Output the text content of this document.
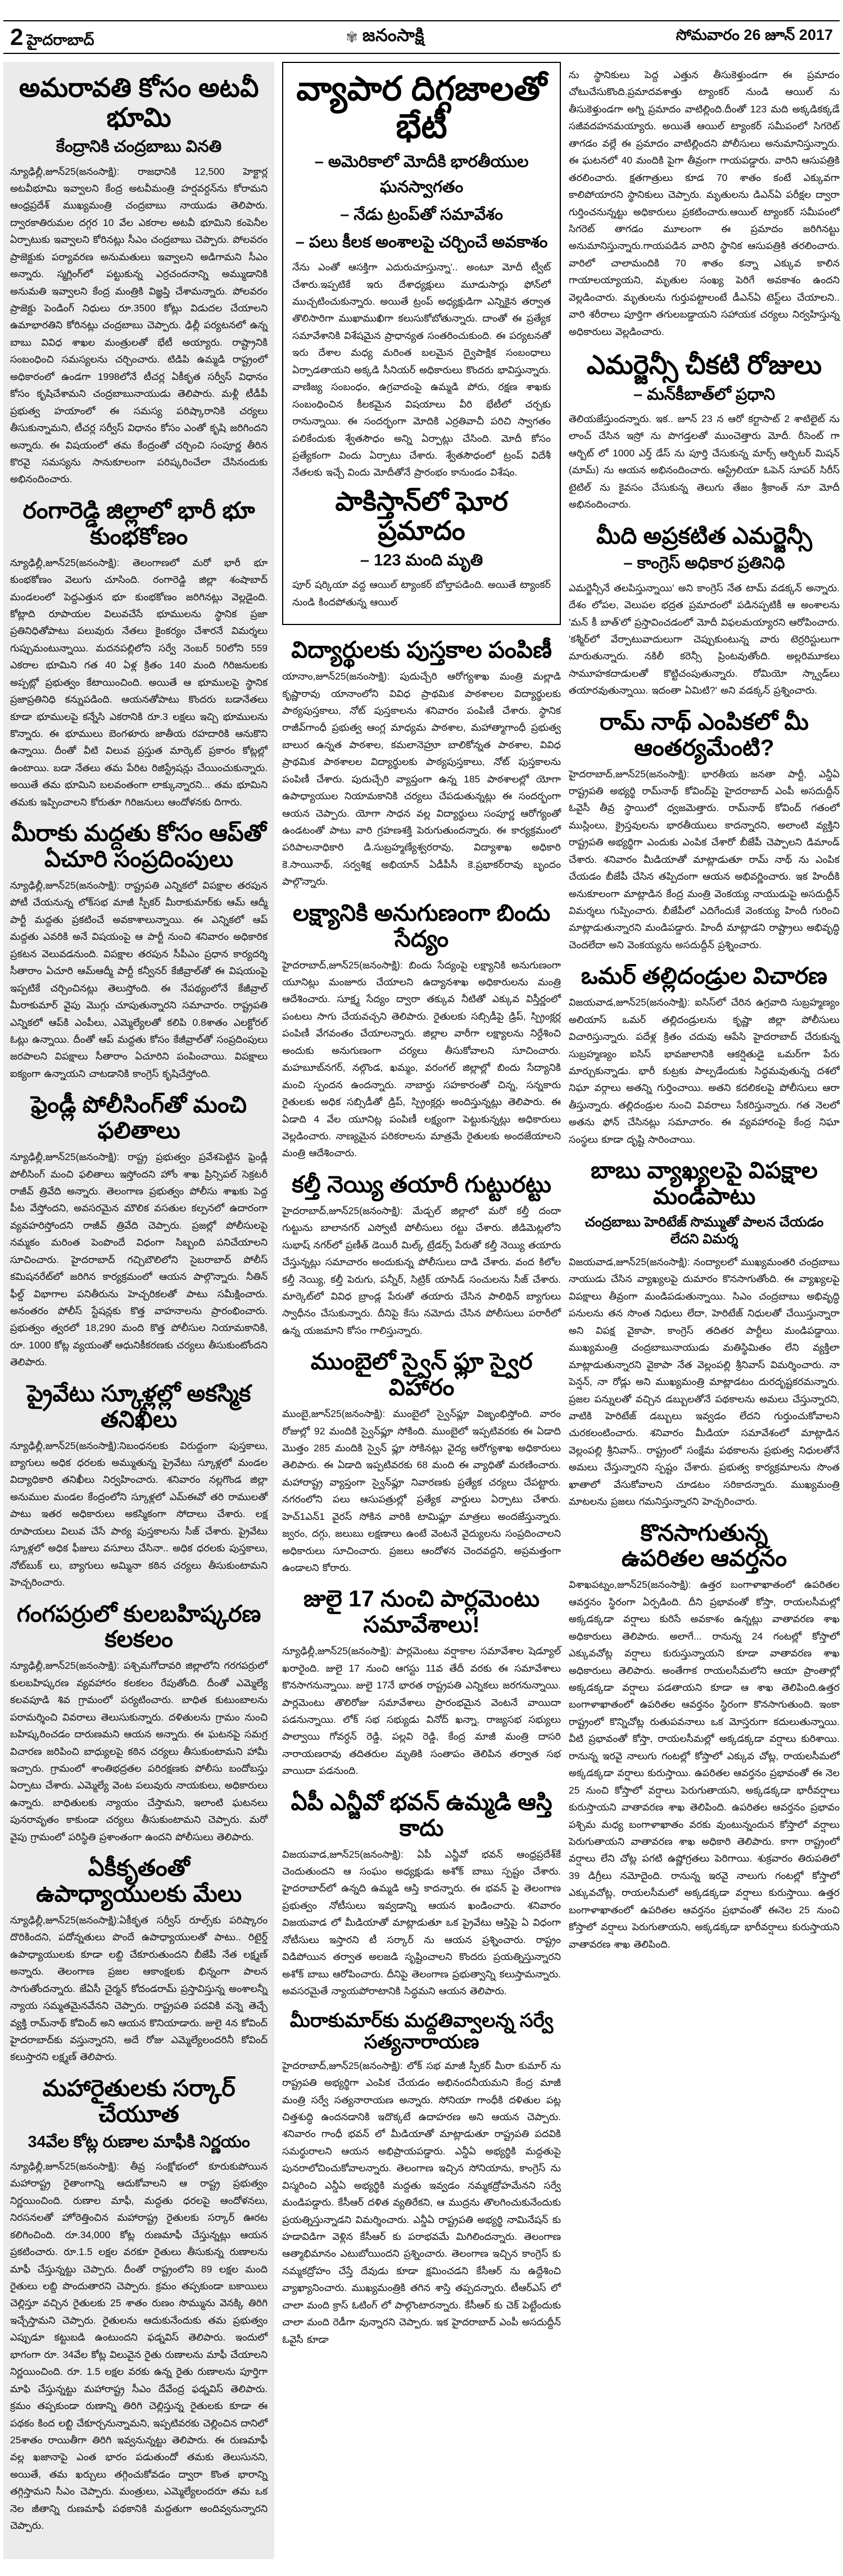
2 హైదరాబాద్	✾ జనంసాక్షి	సోమవారం 26 జూన్ 2017
అమరావతి కోసం అటవీ భూమి
కేంద్రానికి చంద్రబాబు వినతి

న్యూఢిల్లీ,జూన్25(జనంసాక్షి): రాజధానికి 12,500 హెక్టార్ల అటవీభూమి ఇవ్వాలని కేంద్ర అటవీమంత్రి హర్షవర్దన్‌ను కోరామని ఆంధ్రప్రదేశ్ ముఖ్యమంత్రి చంద్రబాబు నాయుడు తెలిపారు. ద్వారకాతిరుమల దగ్గర 10 వేల ఎకరాల అటవీ భూమిని కంపెనీల ఏర్పాటుకు ఇవ్వాలని కోరినట్లు సీఎం చంద్రబాబు చెప్పారు. పోలవరం ప్రాజెక్టుకు పర్యావరణ అనుమతులు ఇవ్వాలని అడిగామని సీఎం అన్నారు. స్మగ్లింగ్‌లో పట్టుకున్న ఎర్రచందనాన్ని అమ్ముడానికి అనుమతి ఇవ్వాలని కేంద్ర మంత్రికి విజ్ఞప్తి చేశామన్నారు. పోలవరం ప్రాజెక్టు పెండింగ్ నిధులు రూ.3500 కోట్లు విడుదల చేయాలని ఉమాభారతిని కోరినట్లు చంద్రబాబు చెప్పారు. ఢిల్లీ పర్యటనలో ఉన్న బాబు వివిధ శాఖల మంత్రులతో భేటీ అయ్యారు. రాష్ట్రానికి సంబంధించి సమస్యలను చర్చించారు. టిడిపి ఉమ్మడి రాష్ట్రంలో అధికారంలో ఉండగా 1998లోనే టీచర్ల ఏకీకృత సర్వీస్ విధానం కోసం కృషిచేశామని చంద్రబాబునాయుడు తెలిపారు. మళ్లీ టీడీపీ ప్రభుత్వ హయాంలో ఈ సమస్య పరిష్కారానికి చర్యలు తీసుకున్నామని, టీచర్ల సర్వీస్ విధానం కోసం ఎంతో కృషి జరిగిందని అన్నారు. ఈ విషయంలో తమ కేంద్రంతో చర్చించి సంపూర్ణ తీరిన కొరవై సమస్యను సానుకూలంగా పరిష్కరించేలా చేసినందుకు అభినందించారు.

రంగారెడ్డి జిల్లాలో భారీ భూ కుంభకోణం

న్యూఢిల్లీ,జూన్25(జనంసాక్షి): తెలంగాణలో మరో భారీ భూ కుంభకోణం వెలుగు చూసింది. రంగారెడ్డి జిల్లా శంషాబాద్ మండలంలో పెద్దఎత్తున భూ కుంభకోణం జరిగినట్లు వెల్లడైంది. కోట్లాది రూపాయల విలువచేసే భూములను స్థానిక ప్రజా ప్రతినిధితోపాటు పలువురు నేతలు కైంకర్యం చేశారనే విమర్శలు గుప్పుమంటున్నాయి. మదనపల్లిలోని సర్వే నెంబర్ 50లోని 559 ఎకరాల భూమిని గత 40 ఏళ్ల క్రితం 140 మంది గిరిజనులకు అప్పట్లో ప్రభుత్వం కేటాయించింది. అయితే ఆ భూములపై స్థానిక ప్రజాప్రతినిధి కన్నుపడింది. ఆయనతోపాటు కొందరు బడానేతలు కూడా భూములపై కన్నేసి ఎకరానికి రూ.3 లక్షలు ఇచ్చి భూములను కొన్నారు. ఈ భూములు బెంగళూరు జాతీయ రహదారికి ఆనుకొని ఉన్నాయి. దీంతో వీటి విలువ ప్రస్తుత మార్కెట్ ప్రకారం కోట్లల్లో ఉంటాయి. బడా నేతలు తమ పేరిట రిజిస్ట్రేషన్లు చేయించుకున్నారు. అయితే తమ భూమిని బలవంతంగా లాక్కున్నారని... తమ భూమిని తమకు ఇప్పించాలని కోరుతూ గిరిజనులు ఆందోళనకు దిగారు.

మీరాకు మద్దతు కోసం ఆప్‌తో ఏచూరి సంప్రదింపులు

న్యూఢిల్లీ,జూన్25(జనంసాక్షి): రాష్ట్రపతి ఎన్నికలో విపక్షాల తరపున పోటీ చేయనున్న లోక్‌సభ మాజీ స్పీకర్ మీరాకుమార్‌కు ఆమ్ ఆద్మీ పార్టీ మద్దతు ప్రకటించే అవకాశాలున్నాయి. ఈ ఎన్నికలో ఆప్ మద్దతు ఎవరికి అనే విషయంపై ఆ పార్టీ నుంచి శనివారం అధికారిక ప్రకటన వెలువడనుంది. విపక్షాల తరపున సీపీఎం ప్రధాన కార్యదర్శి సీతారాం ఏచూరి ఆమ్‌ఆద్మీ పార్టీ కన్వీనర్ కేజీవ్రాల్‌తో ఈ విషయంపై ఇప్పటికే చర్చించినట్లు తెలుస్తోంది. ఈ నేపథ్యంలోనే కేజీవ్రాల్ మీరాకుమార్ వైపు మొగ్గు చూపుతున్నారని సమాచారం. రాష్ట్రపతి ఎన్నికలో ఆప్‌కి ఎంపీలు, ఎమ్మెల్యేలతో కలిపి 0.8శాతం ఎలక్టోరల్ ఓట్లు ఉన్నాయి. దీంతో ఆప్ మద్దతు కోసం కేజీవ్రాల్‌తో సంప్రదింపులు జరపాలని విపక్షాలు సీతారాం ఏచూరిని పంపించాయి. విపక్షాలు ఐక్యంగా ఉన్నాయని చాటడానికి కాంగ్రెస్ కృషిచేస్తోంది.

ఫ్రెండ్లీ పోలీసింగ్‌తో మంచి ఫలితాలు

న్యూఢిల్లీ,జూన్25(జనంసాక్షి): రాష్ట్ర ప్రభుత్వం ప్రవేశపెట్టిన ఫ్రెండ్లీ పోలీసింగ్ మంచి ఫలితాలు ఇస్తోందని హోం శాఖ ప్రిన్సిపల్ సెక్రటరీ రాజీవ్ త్రివేది అన్నారు. తెలంగాణ ప్రభుత్వం పోలీసు శాఖకు పెద్ద పీట వేస్తోందని, అవసరమైన మౌలిక వసతుల కల్పనలో ఉదారంగా వ్యవహరిస్తోందని రాజీవ్ త్రివేది చెప్పారు. ప్రజల్లో పోలీసులపై నమ్మకం మరింత పెంపొందే విధంగా సిబ్బంది పనిచేయాలని సూచించారు. హైదరాబాద్ గచ్చిబౌలిలోని సైబరాబాద్ పోలీస్ కమిషనరేట్‌లో జరిగిన కార్యక్రమంలో ఆయన పాల్గొన్నారు. నీతిన్ ఫీల్డ్ విభాగాల పనితీరును హెచ్చరికలతో పాటు సమీక్షించారు. అనంతరం పోలీస్ స్టేషన్లకు కొత్త వాహనాలను ప్రారంభించారు. ప్రభుత్వం త్వరలో 18,290 మంది కొత్త పోలీసుల నియామకానికి, రూ. 1000 కోట్ల వ్యయంతో ఆధునికీకరణకు చర్యలు తీసుకుంటోందని తెలిపారు.

ప్రైవేటు స్కూళ్లల్లో అకస్మిక తనిఖీలు

న్యూఢిల్లీ,జూన్25(జనంసాక్షి):నిబంధనలకు విరుద్దంగా పుస్తకాలు, బ్యాగులు అధిక ధరలకు అమ్ముతున్న ప్రైవేటు స్కూళ్లలో మండల విద్యాధికారి తనిఖీలు నిర్వహించారు. శనివారం నల్లగొండ జిల్లా అనుముల మండల కేంద్రంలోని స్కూళ్లలో ఎమ్‌ఈవో తరి రాములతో పాటు ఇతర అధికారులు అకస్మికంగా సోదాలు చేశారు. లక్ష రూపాయలు విలువ చేసే పాఠ్య పుస్తకాలను సీజ్ చేశారు. ప్రైవేటు స్కూళ్లలో అధిక ఫీజులు వసూలు చేసినా.. అధిక ధరలకు పుస్తకాలు, నోట్‌బుక్ లు, బ్యాగులు అమ్మినా కఠిన చర్యలు తీసుకుంటామని హెచ్చరించారు.

గంగపర్రులో కులబహిష్కరణ కలకలం

న్యూఢిల్లీ,జూన్25(జనంసాక్షి): పశ్చిమగోదావరి జిల్లాలోని గరగపర్రులో కులబహిష్కరణ వ్యవహారం కలకలం రేపుతోంది. దీంతో ఎమ్మెల్యే కలవపూడి శివ గ్రామంలో పర్యటించారు. బాధిత కుటుంబాలను పరామర్శించి వివరాలు తెలుసుకున్నారు. దళితులను గ్రామం నుంచి బహిష్కరించడం దారుణమని ఆయన అన్నారు. ఈ ఘటనపై సమగ్ర విచారణ జరిపించి బాధ్యులపై కఠిన చర్యలు తీసుకుంటామని హామీ ఇచ్చారు. గ్రామంలో శాంతిభద్రతల పరిరక్షణకు పోలీసు బందోబస్తు ఏర్పాటు చేశారు. ఎమ్మెల్యే వెంట పలువురు నాయకులు, అధికారులు ఉన్నారు. బాధితులకు న్యాయం చేస్తామని, ఇలాంటి ఘటనలు పునరావృతం కాకుండా చర్యలు తీసుకుంటామని చెప్పారు. మరో వైపు గ్రామంలో పరిస్థితి ప్రశాంతంగా ఉందని పోలీసులు తెలిపారు.

ఏకీకృతంతో ఉపాధ్యాయులకు మేలు

న్యూఢిల్లీ,జూన్25(జనంసాక్షి):ఏకీకృత సర్వీస్ రూల్స్‌కు పరిష్కారం దొరికిందని, పదోన్నతులు పొందే ఉపాధ్యాయులతో పాటు.. రిటైర్డ్ ఉపాధ్యాయులకు కూడా లబ్ది చేకూరుతుందని బీజేపీ నేత లక్ష్మణ్ అన్నారు. తెలంగాణ ప్రజల ఆకాంక్షలకు భిన్నంగా పాలన సాగుతోందన్నారు. జేఏసీ చైర్మన్ కోదండరామ్ ప్రస్తావిస్తున్న అంశాలన్నీ న్యాయ సమ్మతమైనవేనని చెప్పారు. రాష్ట్రపతి పదవికి వన్నె తెచ్చే వ్యక్తి రామ్‌నాథ్ కోవింద్ అని ఆయన కొనియాడారు. జులై 4న కోవింద్ హైదరాబాద్‌కు వస్తున్నారని, అదే రోజు ఎమ్మెల్యేలందరినీ కోవింద్ కలుస్తారని లక్ష్మణ్ తెలిపారు.

మహారైతులకు సర్కార్ చేయూత
34వేల కోట్ల రుణాల మాఫీకి నిర్ణయం

న్యూఢిల్లీ,జూన్25(జనంసాక్షి): తీవ్ర సంక్షోభంలో కూరుకుపోయిన మహారాష్ట్ర రైతాంగాన్ని ఆదుకోవాలని ఆ రాష్ట్ర ప్రభుత్వం నిర్ణయించింది. రుణాల మాఫీ, మద్దతు ధరలపై ఆందోళనలు, నిరసనలతో హోరెత్తించిన మహారాష్ట్ర రైతులకు సర్కార్ ఊరట కలిగించింది. రూ.34,000 కోట్ల రుణమాఫీ చేస్తున్నట్లు ఆయన ప్రకటించారు. రూ.1.5 లక్షల వరకూ రైతులు తీసుకున్న రుణాలను మాఫీ చేస్తున్నట్టు చెప్పారు. దీంతో రాష్ట్రంలోని 89 లక్షల మంది రైతులు లబ్ది పొందుతారని చెప్పారు. క్రమం తప్పకుండా బకాయిలు చెల్లిస్తూ వచ్చిన రైతులకు 25 శాతం రుణం సొమ్మును వెనక్కి తిరిగి ఇచ్చేస్తామని చెప్పారు. రైతులను ఆదుకునేందుకు తమ ప్రభుత్వం ఎప్పుడూ కట్టుబడి ఉంటుందని ఫడ్నవిస్ తెలిపారు. ఇందులో భాగంగా రూ. 34వేల కోట్ల విలువైన రైతు రుణాలను మాఫీ చేయాలని నిర్ణయించింది. రూ. 1.5 లక్షల వరకు ఉన్న రైతు రుణాలను పూర్తిగా మాఫి చేస్తున్నట్టు మహారాష్ట్ర సీఎం దేవేంద్ర ఫడ్నవిస్ తెలిపారు. క్రమం తప్పకుండా రుణాన్ని తిరిగి చెల్లిస్తున్న రైతులకు కూడా ఈ పథకం కింద లబ్టి చేకూర్చనున్నామని, ఇప్పటివరకు చెల్లించిన దానిలో 25శాతం రాయితీగా తిరిగి ఇవ్వనున్నట్టు తెలిపారు. ఈ రుణమాఫీ వల్ల ఖజానాపై ఎంత భారం పడుతుందో తమకు తెలుసునని, అయితే, తమ ఖర్చులు తగ్గించుకోవడం ద్వారా కొంత భారాన్ని తగ్గిస్తామని సీఎం చెప్పారు. మంత్రులు, ఎమ్మెల్యేలందరూ తమ ఒక నెల జీతాన్ని రుణమాఫీ పథకానికి మద్దతుగా అందివ్వనున్నారని చెప్పారు.

వ్యాపార దిగ్గజాలతో భేటీ
– అమెరికాలో మోదీకి భారతీయుల ఘనస్వాగతం
– నేడు ట్రంప్‌తో సమావేశం
– పలు కీలక అంశాలపై చర్చించే అవకాశం

నేను ఎంతో ఆసక్తిగా ఎదురుచూస్తున్నా'.. అంటూ మోదీ ట్వీట్ చేశారు.ఇప్పటికే ఇరు దేశాధ్యక్షులు మూడుసార్లు ఫోన్‌లో ముచ్చటించుకున్నారు. అయితే ట్రంప్ అధ్యక్షుడిగా ఎన్నికైన తర్వాత తొలిసారిగా ముఖాముఖిగా కలుసుకోబోతున్నారు. దాంతో ఈ ప్రత్యేక సమావేశానికి విశేషమైన ప్రాధాన్యత సంతరించుకుంది. ఈ పర్యటనతో ఇరు దేశాల మధ్య మరింత బలమైన ద్వైపాక్షిక సంబంధాలు ఏర్పాడతాయని అక్కడి సీనియర్ అధికారులు కొందరు భావిస్తున్నారు. వాణిజ్య సంబంధం, ఉగ్రవాదంపై ఉమ్మడి పోరు, రక్షణ శాఖకు సంబంధించిన కీలకమైన విషయాలు వీరి భేటీలో చర్చకు రానున్నాయి. ఈ సందర్భంగా మోదికి ఎర్రతివాచీ పరిచి స్వాగతం పలికేందుకు శ్వేతసౌధం అన్ని ఏర్పాట్లు చేసింది. మోదీ కోసం ప్రత్యేకంగా విందు ఏర్పాటు చేశారు. శ్వేతసౌధంలో ట్రంప్ విదేశీ నేతలకు ఇచ్చే విందు మోదీతోనే ప్రారంభం కానుండం విశేషం.

పాకిస్తాన్‌లో ఘోర ప్రమాదం
– 123 మంది మృతి

పూర్ షర్కియా వద్ద ఆయిల్ ట్యాంకర్ బోల్తాపడింది. అయితే ట్యాంకర్ నుండి కిందపోతున్న ఆయిల్

విద్యార్థులకు పుస్తకాల పంపిణీ

యానాం,జూన్25(జనంసాక్షి): పుదుచ్చేరి ఆరోగ్యశాఖ మంత్రి మల్లాడి కృష్ణారావు యానాంలోని వివిధ ప్రాథమిక పాఠశాలల విద్యార్థులకు పాఠ్యపుస్తకాలు, నోట్ పుస్తకాలను శనివారం పంపిణీ చేశారు. స్థానిక రాజీవ్‌గాంధీ ప్రభుత్వ ఆంగ్ల మాధ్యమ పాఠశాల, మహాత్మాగాంధీ ప్రభుత్వ బాలుర ఉన్నత పాఠశాల, కమలానెహ్రూ బాలికోన్నత పాఠశాల, వివిధ ప్రాథమిక పాఠశాలల విద్యార్థులకు పాఠ్యపుస్తకాలు, నోట్ పుస్తకాలను పంపిణీ చేశారు. పుదుచ్చేరి వ్యాప్తంగా ఉన్న 185 పాఠశాలల్లో యోగా ఉపాధ్యాయుల నియామకానికి చర్యలు చేపడుతున్నట్లు ఈ సందర్భంగా ఆయన చెప్పారు. యోగా సాధన వల్ల విద్యార్థులు సంపూర్ణ ఆరోగ్యంతో ఉండటంతో పాటు వారి గ్రహణశక్తి పెరుగుతుందన్నారు. ఈ కార్యక్రమంలో పరిపాలనాధికారి డి.సుబ్రహ్మణ్యేశ్వరరావు, విద్యాశాఖ అధికారి కె.సాయినాథ్, సర్వశిక్ష అభియాన్ ఏడీపీసీ కె.ప్రభాకర్‌రావు బృందం పాల్గొన్నారు.

లక్ష్యానికి అనుగుణంగా బిందు సేద్యం

హైదరాబాద్,జూన్25(జనంసాక్షి): బిందు సేద్యంపై లక్ష్యానికి అనుగుణంగా యూనిట్లు మంజూరు చేయాలని ఉద్యానశాఖ అధికారులను మంత్రి ఆదేశించారు. సూక్ష్మ సేద్యం ద్వారా తక్కువ నీటితో ఎక్కువ విస్తీర్ణంలో పంటలు సాగు చేయవచ్చని తెలిపారు. రైతులకు సబ్సిడీపై డ్రిప్, స్ప్రింక్లర్ల పంపిణీ వేగవంతం చేయాలన్నారు. జిల్లాల వారీగా లక్ష్యాలను నిర్దేశించి అందుకు అనుగుణంగా చర్యలు తీసుకోవాలని సూచించారు. మహబూబ్‌నగర్, నల్గొండ, ఖమ్మం, వరంగల్ జిల్లాల్లో బిందు సేద్యానికి మంచి స్పందన ఉందన్నారు. నాబార్డు సహకారంతో చిన్న, సన్నకారు రైతులకు అధిక సబ్సిడీతో డ్రిప్, స్ప్రింక్లర్లు అందిస్తున్నట్లు తెలిపారు. ఈ ఏడాది 4 వేల యూనిట్ల పంపిణీ లక్ష్యంగా పెట్టుకున్నట్లు అధికారులు వెల్లడించారు. నాణ్యమైన పరికరాలను మాత్రమే రైతులకు అందజేయాలని మంత్రి ఆదేశించారు.

కల్తీ నెయ్యి తయారీ గుట్టురట్టు

హైదరాబాద్,జూన్25(జనంసాక్షి): మేడ్చల్ జిల్లాలో మరో కల్తీ దందా గుట్టును బాలానగర్ ఎస్వోటీ పోలీసులు రట్టు చేశారు. జీడిమెట్లలోని సుభాష్ నగర్‌లో ప్రణీత్ డెయిరీ మిల్క్ ట్రేడర్స్ పేరుతో కల్తీ నెయ్యి తయారు చేస్తున్నట్లు సమాచారం అందుకున్న పోలీసులు దాడి చేశారు. వంద కిలోల కల్తీ నెయ్యి, కల్తీ పెరుగు, పన్నీర్, సిట్రిక్ యాసిడ్ సంచులను సీజ్ చేశారు. మార్కెట్‌లో వివిధ బ్రాండ్ల పేరుతో తయారు చేసిన పాలిథిన్ బ్యాగులు స్వాధీనం చేసుకున్నారు. దీనిపై కేసు నమోదు చేసిన పోలీసులు పరారీలో ఉన్న యజమాని కోసం గాలిస్తున్నారు.

ముంబైలో స్వైన్ ఫ్లూ స్వైర విహారం

ముంబై,జూన్25(జనంసాక్షి): ముంబైలో స్వైన్‌ఫ్లూ విజృంభిస్తోంది. వారం రోజుల్లో 92 మందికి స్వైన్‌ఫ్లూ సోకింది. ముంబైలో ఇప్పటివరకు ఈ ఏడాది మొత్తం 285 మందికి స్వైన్ ఫ్లూ సోకినట్లు వైద్య ఆరోగ్యశాఖ అధికారులు తెలిపారు. ఈ ఏడాది ఇప్పటివరకు 68 మంది ఈ వ్యాధితో మరణించారు. మహారాష్ట్ర వ్యాప్తంగా స్వైన్‌ఫ్లూ నివారణకు ప్రత్యేక చర్యలు చేపట్టారు. నగరంలోని పలు ఆసుపత్రుల్లో ప్రత్యేక వార్డులు ఏర్పాటు చేశారు. హెచ్1ఎన్1 వైరస్ సోకిన వారికి టామిఫ్లూ మాత్రలు అందజేస్తున్నారు. జ్వరం, దగ్గు, జలుబు లక్షణాలు ఉంటే వెంటనే వైద్యులను సంప్రదించాలని అధికారులు సూచించారు. ప్రజలు ఆందోళన చెందవద్దని, అప్రమత్తంగా ఉండాలని కోరారు.

జులై 17 నుంచి పార్లమెంటు సమావేశాలు!

న్యూఢిల్లీ,జూన్25(జనంసాక్షి): పార్లమెంటు వర్షాకాల సమావేశాల షెడ్యూల్ ఖరారైంది. జులై 17 నుంచి ఆగస్టు 11వ తేదీ వరకు ఈ సమావేశాలు కొనసాగనున్నాయి. జులై 17నే భారత రాష్ట్రపతి ఎన్నికలు జరగనున్నాయి. పార్లమెంటు తొలిరోజు సమావేశాలు ప్రారంభమైన వెంటనే వాయిదా పడనున్నాయి. లోక్ సభ సభ్యుడు వినోద్ ఖన్నా, రాజ్యసభ సభ్యులు పాల్వాయి గోవర్ధన్ రెడ్డి, పల్లవి రెడ్డి, కేంద్ర మాజీ మంత్రి దాసరి నారాయణరావు తదితరుల మృతికి సంతాపం తెలిపిన తర్వాత సభ వాయిదా పడనుంది.

ఏపీ ఎన్జీవో భవన్ ఉమ్మడి ఆస్తి కాదు

విజయవాడ,జూన్25(జనంసాక్షి): ఏపీ ఎన్జీవో భవన్ ఆంధ్రప్రదేశ్‌కే చెందుతుందని ఆ సంఘం అధ్యక్షుడు అశోక్ బాబు స్పష్టం చేశారు. హైదరాబాద్‌లో ఉన్నది ఉమ్మడి ఆస్తి కాదన్నారు. ఈ భవన్ పై తెలంగాణ ప్రభుత్వం నోటీసులు ఇవ్వడాన్ని ఆయన ఖండించారు. శనివారం విజయవాడ లో మీడియాతో మాట్లాడుతూ ఒక ప్రైవేటు ఆస్తిపై ఏ విధంగా నోటీసులు ఇస్తారని టీ సర్కార్ ను ఆయన ప్రశ్నించారు. రాష్ట్రం విడిపోయిన తర్వాత అలజడి సృష్టించాలని కొందరు ప్రయత్నిస్తున్నారని అశోక్ బాబు ఆరోపించారు. దీనిపై తెలంగాణ ప్రభుత్వాన్ని కలుస్తామన్నారు. అవసరమైతే న్యాయపోరాటానికి సిద్ధమని ఆయన తెలిపారు.

మీరాకుమార్‌కు మద్దతివ్వాలన్న సర్వే సత్యనారాయణ

హైదరాబాద్,జూన్25(జనంసాక్షి): లోక్ సభ మాజీ స్పీకర్ మీరా కుమార్ ను రాష్ట్రపతి అభ్యర్థిగా ఎంపిక చేయడం అభినందనీయమని కేంద్ర మాజీ మంత్రి సర్వే సత్యనారాయణ అన్నారు. సోనియా గాంధీకి దళితుల పట్ల చిత్తశుద్ధి ఉందనడానికి ఇదొక్కటే ఉదాహరణ అని ఆయన చెప్పారు. శనివారం గాంధీ భవన్ లో మీడియాతో మాట్లాడుతూ రాష్ట్రపతి పదవికి సమర్థురాలని ఆయన అభిప్రాయపడ్డారు. ఎన్డీఏ అభ్యర్థికి మద్దతుపై పునరాలోచించుకోవాలన్నారు. తెలంగాణ ఇచ్చిన సోనియాను, కాంగ్రెస్ ను విస్మరించి ఎన్డీఏ అభ్యర్థికి మద్దతు ఇవ్వడం నమ్మకద్రోహమేనని సర్వే మండిపడ్డారు. కేసీఆర్ దళిత వ్యతిరేకని, ఆ ముద్రను తొలగించుకునేందుకు ప్రయత్నిస్తున్నాడని విమర్శించారు. ఎన్డీఏ రాష్ట్రపతి అభ్యర్థి నామినేషన్ కు హడావిడిగా వెళ్లిన కేసీఆర్ కు పరాభవమే మిగిలిందన్నారు. తెలంగాణ ఆత్మాభిమానం ఎటుబోయిందని ప్రశ్నించారు. తెలంగాణ ఇచ్చిన కాంగ్రెస్ కు నమ్మకద్రోహం చేస్తే దేవుడు కూడా క్షమించడని కేసీఆర్ ను ఉద్దేశించి వ్యాఖ్యానించారు. ముఖ్యమంత్రికి తగిన శాస్తి తప్పదన్నారు. టీఆర్ఎస్ లో చాలా మంది క్రాస్ ఓటింగ్ లో పాల్గొంటారన్నారు. కేసీఆర్ కు చెక్ పెట్టేందుకు చాలా మంది రెడీగా వున్నారని చెప్పారు. ఇక హైదరాబాద్ ఎంపీ అసదుద్దీన్ ఓవైసీ కూడా

ను స్థానికులు పెద్ద ఎత్తున తీసుకెళ్తుండగా ఈ ప్రమాదం చోటుచేసుకొంది.ప్రమాదవశాత్తు ట్యాంకర్ నుండి ఆయిల్ ను తీసుకెళ్తుండగా అగ్ని ప్రమాదం వాటిల్లింది.దీంతో 123 మది అక్కడికక్కడే సజీవదహనమయ్యారు. అయితే ఆయిల్ ట్యాంకర్ సమీపంలో సిగరెట్ తాగడం వల్లే ఈ ప్రమాదం వాటిల్లిందని పోలీసులు అనుమానిస్తున్నారు. ఈ ఘటనలో 40 మందికి పైగా తీవ్రంగా గాయపడ్డారు. వారిని ఆసుపత్రికి తరలించారు. క్షతగాత్రులు కూడ 70 శాతం కంటే ఎక్కువగా కాలిపోయారని స్థానికులు చెప్పారు. మృతులను డిఎన్ఏ పరీక్షల ద్వారా గుర్తించనున్నట్టు అధికారులు ప్రకటించారు.ఆయిల్ ట్యాంకర్ సమీపంలో సిగరెట్ తాగడం మూలంగా ఈ ప్రమాదం జరిగినట్టు అనుమానిస్తున్నారు.గాయపడిన వారిని స్థానిక ఆసుపత్రికి తరలించారు. వారిలో చాలామందికి 70 శాతం కన్నా ఎక్కువ కాలిన గాయాలయ్యాయని, మృతుల సంఖ్య పెరిగే అవకాశం ఉందని వెల్లడించారు. మృతులను గుర్తుపట్టాలంటే డీఎన్ఏ టెస్ట్‌లు చేయాలని.. వారి శరీరాలు పూర్తిగా తగులబడ్డాయని సహాయక చర్యలు నిర్వహిస్తున్న అధికారులు వెల్లడించారు.

ఎమర్జెన్సీ చీకటి రోజులు
– మన్‌కీబాత్‌లో ప్రధాని

తెలియజేస్తుందన్నారు. ఇక.. జూన్ 23 న ఆరో కర్టాసాట్ 2 శాటిలైట్ ను లాంచ్ చేసిన ఇస్రో ను పొగడ్తలతో ముంచెత్తారు మోదీ. రీసెంట్ గా ఆర్బిట్ లో 1000 ఎర్త్ డేస్ ను పూర్తి చేసుకున్న మార్స్ ఆర్బిటర్ మిషన్ (మామ్) ను ఆయన అభినందించారు. ఆస్ట్రేలియా ఓపెన్ సూపర్ సిరీస్ టైటిల్ ను కైవసం చేసుకున్న తెలుగు తేజం శ్రీకాంత్ నూ మోదీ అభినందించారు.

మీది అప్రకటిత ఎమర్జెన్సీ
– కాంగ్రెస్ అధికార ప్రతినిధి

ఎమర్జెన్సీనే తలపిస్తున్నాయి' అని కాంగ్రెస్ నేత టామ్ వడక్కన్ అన్నారు. దేశం లోపల, వెలుపల భద్రత ప్రమాదంలో పడినప్పటికీ ఆ అంశాలను 'మన్ కీ బాత్'లో ప్రస్తావించడంలో మోదీ విఫలమయ్యారని ఆరోపించారు. 'కశ్మీర్‌లో వేర్పాటువాదులుగా చెప్పుకుంటున్న వారు టెర్రరిస్టులుగా మారుతున్నారు. నకిలీ కరెన్సీ ప్రింటవుతోంది. అల్లరిమూకలు సామూహకదాడులతో కొట్టిచంపుతున్నారు. రోమియో స్క్వాడ్‌లు తయారవుతున్నాయి. ఇదంతా ఏమిటి?' అని వడక్కన్ ప్రశ్నించారు.

రామ్ నాథ్ ఎంపికలో మీ ఆంతర్యమేంటి?

హైదరాబాద్,జూన్25(జనంసాక్షి): భారతీయ జనతా పార్టీ, ఎన్డీఏ రాష్ట్రపతి అభ్యర్థి రామ్‌నాథ్ కోవింద్‌పై హైదరాబాద్ ఎంపీ అసదుద్దీన్ ఓవైసీ తీవ్ర స్థాయిలో ధ్వజమెత్తారు. రామ్‌నాథ్ కోవింద్ గతంలో ముస్లింలు, క్రైస్తవులను భారతీయులు కాదన్నారని, అలాంటి వ్యక్తిని రాష్ట్రపతి అభ్యర్థిగా ఎందుకు ఎంపిక చేశారో బీజేపీ చెప్పాలని డిమాండ్ చేశారు. శనివారం మీడియాతో మాట్లాడుతూ రామ్ నాథ్ ను ఎంపిక చేయడం బీజేపీ చేసిన తప్పిదంగా ఆయన అభివర్ణించారు. ఇక హిందీకి అనుకూలంగా మాట్లాడిన కేంద్ర మంత్రి వెంకయ్య నాయుడుపై అసదుద్దీన్ విమర్శలు గుప్పించారు. బీజేపీలో ఎదిగేందుకే వెంకయ్య హిందీ గురించి మాట్లాడుతున్నారని మండిపడ్డారు. హిందీ మాట్లాడని రాష్ట్రాలు అభివృద్ధి చెందలేదా అని వెంకయ్యను అసదుద్దీన్ ప్రశ్నించారు.

ఒమర్ తల్లిదండ్రుల విచారణ

విజయవాడ,జూన్25(జనంసాక్షి): ఐసిస్‌లో చేరిన ఉగ్రవాది సుబ్రహ్మణ్యం అలియాస్ ఒమర్ తల్లిదండ్రులను కృష్ణా జిల్లా పోలీసులు విచారిస్తున్నారు. పదేళ్ల క్రితం చదువు ఆపేసి హైదరాబాద్ చేరుకున్న సుబ్రహ్మణ్యం ఐసిస్ భావజాలానికి ఆకర్షితుడై ఒమర్‌గా పేరు మార్చుకున్నాడు. భారీ కుట్రకు పాల్పడేందుకు సిద్ధమవుతున్న దశలో నిఘా వర్గాలు అతన్ని గుర్తించాయి. అతని కదలికలపై పోలీసులు ఆరా తీస్తున్నారు. తల్లిదండ్రుల నుంచి వివరాలు సేకరిస్తున్నారు. గత నెలలో అతను ఫోన్ చేసినట్లు సమాచారం. ఈ వ్యవహారంపై కేంద్ర నిఘా సంస్థలు కూడా దృష్టి సారించాయి.

బాబు వ్యాఖ్యలపై విపక్షాల మండిపాటు
చంద్రబాబు హెరిటేజ్ సొమ్ముతో పాలన చేయడం లేదని విమర్శ

విజయవాడ,జూన్25(జనంసాక్షి): నంద్యాలలో ముఖ్యమంతరి చంద్రబాబు నాయుడు చేసిన వ్యాఖ్యలపై దుమారం కొనసాగుతోంది. ఈ వ్యాఖ్యలపై విపక్షాలు తీవ్రంగా మండిపడుతున్నాయి. సిఎం చంద్రబాబు అభివృద్ధి పనులను తన సొంత నిధులు లేదా, హెరిటేజ్ నిధులతో చేయిస్తున్నారా అని విపక్ష వైకాపా, కాంగ్రెస్ తదితర పార్టీలు మండిపడ్డాయి. ముఖ్యమంత్రి చంద్రబాబునాయుడు మతిస్థిమితం లేని వ్యక్తిలా మాట్లాడుతున్నారని వైకాపా నేత వెల్లంపల్లి శ్రీనివాస్ విమర్శించారు. నా పెన్షన్, నా రోడ్లు అని ముఖ్యమంత్రి మాట్లాడటం దురదృష్టకరమన్నారు. ప్రజల పన్నులతో వచ్చిన డబ్బులతోనే పథకాలను అమలు చేస్తున్నారని, వాటికి హెరిటేజ్ డబ్బులు ఇవ్వడం లేదని గుర్తుంచుకోవాలని చురకలంటించారు. శనివారం మీడియా సమావేశంలో మాట్లాడిన వెల్లంపల్లి శ్రీనివాస్.. రాష్ట్రంలో సంక్షేమ పథకాలను ప్రభుత్వ నిధులతోనే అమలు చేస్తున్నారని స్పష్టం చేశారు. ప్రభుత్వ కార్యక్రమాలను సొంత ఖాతాలో వేసుకోవాలని చూడటం సరికాదన్నారు. ముఖ్యమంత్రి మాటలను ప్రజలు గమనిస్తున్నారని హెచ్చరించారు.

కొనసాగుతున్న ఉపరితల ఆవర్తనం

విశాఖపట్నం,జూన్25(జనంసాక్షి): ఉత్తర బంగాళాఖాతంలో ఉపరితల ఆవర్తనం స్థిరంగా ఏర్పడింది. దీని ప్రభావంతో కోస్తా, రాయలసీమల్లో అక్కడక్కడా వర్షాలు కురిసే అవకాశం ఉన్నట్లు వాతావరణ శాఖ అధికారులు తెలిపారు. అలాగే... రానున్న 24 గంటల్లో కోస్తాలో ఎక్కువచోట్ల వర్షాలు కురుస్తున్నాయని కూడా వాతావరణ శాఖ అధికారులు తెలిపారు. అంతేగాక రాయలసీమలోని ఆయా ప్రాంతాల్లో అక్కడక్కడా వర్షాలు పడతాయని కూడా ఆ శాఖ తెలిపింది.ఉత్తర బంగాళాఖాతంలో ఉపరితల ఆవర్తనం స్థిరంగా కొనసాగుతుంది. ఇంకా రాష్ట్రంలో కొన్నిచోట్ల రుతుపవనాలు ఒక మోస్తరుగా కదులుతున్నాయి. వీటి ప్రభావంతో కోస్తా, రాయలసీమల్లో అక్కడక్కడా వర్షాలు కురిశాయి. రానున్న ఇరవై నాలుగు గంటల్లో కోస్తాలో ఎక్కువ చోట్ల, రాయలసీమలో అక్కడక్కడా వర్షాలు కురుస్తాయి. ఉపరితల ఆవర్తనం ప్రభావంతో ఈ నెల 25 నుంచి కోస్తాలో వర్షాలు పెరుగుతాయని, అక్కడక్కడా భారీవర్షాలు కురుస్తాయని వాతావరణ శాఖ తెలిపింది. ఉపరితల ఆవర్తనం ప్రభావం పశ్చిమ మధ్య బంగాళాఖాతం వరకు వుంటున్నందున కోస్తాలో వర్షాలు పెరుగుతాయని వాతావరణ శాఖ అధికారి తెలిపారు. కాగా రాష్ట్రంలో వర్షాలు లేని చోట్ల పగటి ఉష్ణోగ్రతలు పెరిగాయి. శుక్రవారం తిరుపతిలో 39 డిగ్రీలు నమోదైంది. రానున్న ఇరవై నాలుగు గంటల్లో కోస్తాలో ఎక్కువచోట్ల, రాయలసీమలో అక్కడక్కడా వర్షాలు కురుస్తాయి. ఉత్తర బంగాళాఖాతంలో ఉపరితల ఆవర్తనం ప్రభావంతో ఈనెల 25 నుంచి కోస్తాలో వర్షాలు పెరుగుతాయని, అక్కడక్కడా భారీవర్షాలు కురుస్తాయని వాతావరణ శాఖ తెలిపింది.
